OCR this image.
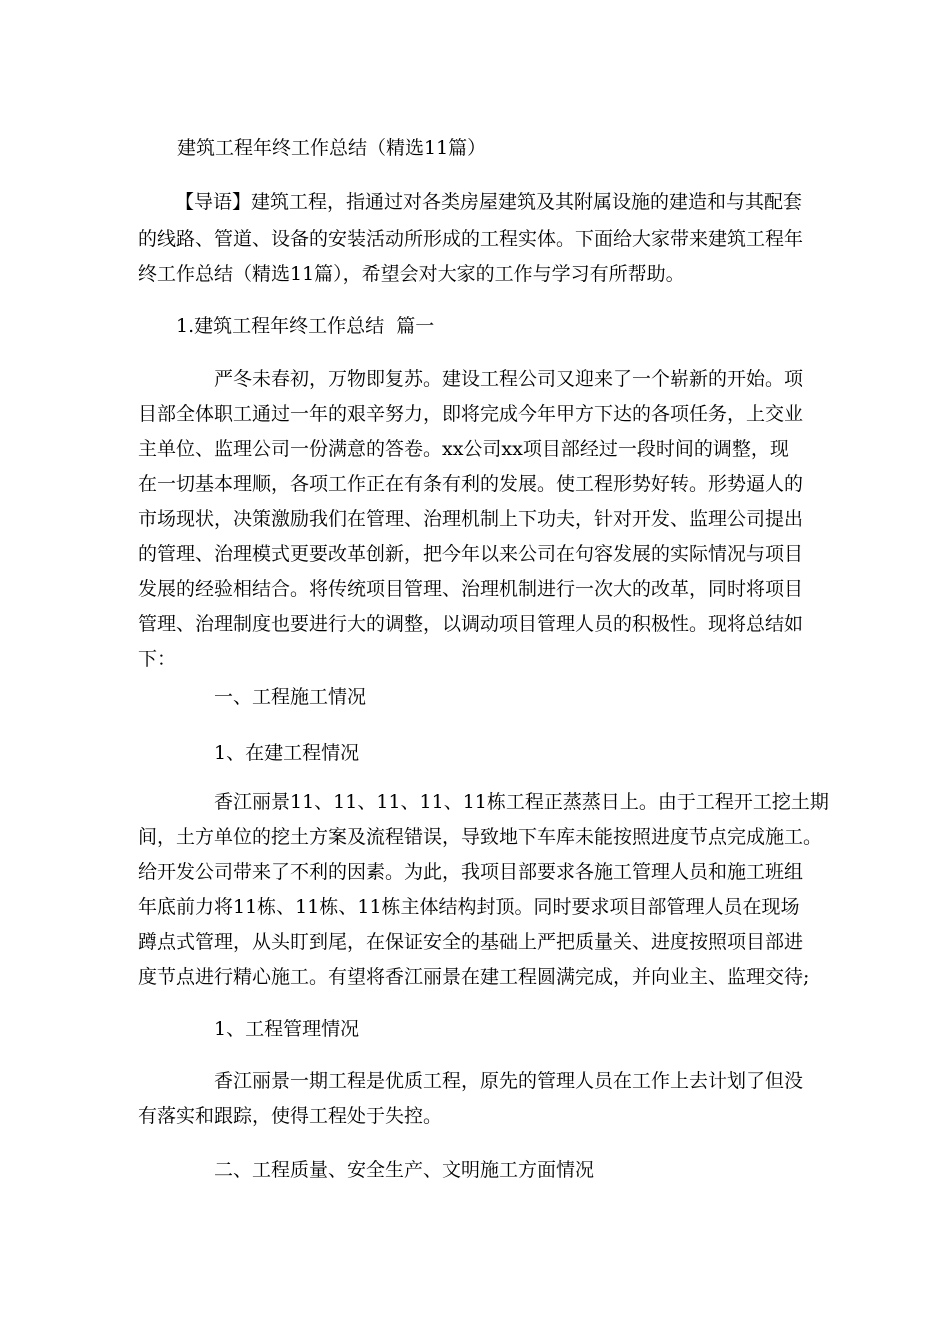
建筑工程年终工作总结（精选11篇）
【导语】建筑工程，指通过对各类房屋建筑及其附属设施的建造和与其配套
的线路、管道、设备的安装活动所形成的工程实体。下面给大家带来建筑工程年
终工作总结（精选11篇），希望会对大家的工作与学习有所帮助。
1.建筑工程年终工作总结  篇一
严冬未春初，万物即复苏。建设工程公司又迎来了一个崭新的开始。项
目部全体职工通过一年的艰辛努力，即将完成今年甲方下达的各项任务，上交业
主单位、监理公司一份满意的答卷。xx公司xx项目部经过一段时间的调整，现
在一切基本理顺，各项工作正在有条有利的发展。使工程形势好转。形势逼人的
市场现状，决策激励我们在管理、治理机制上下功夫，针对开发、监理公司提出
的管理、治理模式更要改革创新，把今年以来公司在句容发展的实际情况与项目
发展的经验相结合。将传统项目管理、治理机制进行一次大的改革，同时将项目
管理、治理制度也要进行大的调整，以调动项目管理人员的积极性。现将总结如
下：
一、工程施工情况
1、在建工程情况
香江丽景11、11、11、11、11栋工程正蒸蒸日上。由于工程开工挖土期
间，土方单位的挖土方案及流程错误，导致地下车库未能按照进度节点完成施工。
给开发公司带来了不利的因素。为此，我项目部要求各施工管理人员和施工班组
年底前力将11栋、11栋、11栋主体结构封顶。同时要求项目部管理人员在现场
蹲点式管理，从头盯到尾，在保证安全的基础上严把质量关、进度按照项目部进
度节点进行精心施工。有望将香江丽景在建工程圆满完成，并向业主、监理交待;
1、工程管理情况
香江丽景一期工程是优质工程，原先的管理人员在工作上去计划了但没
有落实和跟踪，使得工程处于失控。
二、工程质量、安全生产、文明施工方面情况
